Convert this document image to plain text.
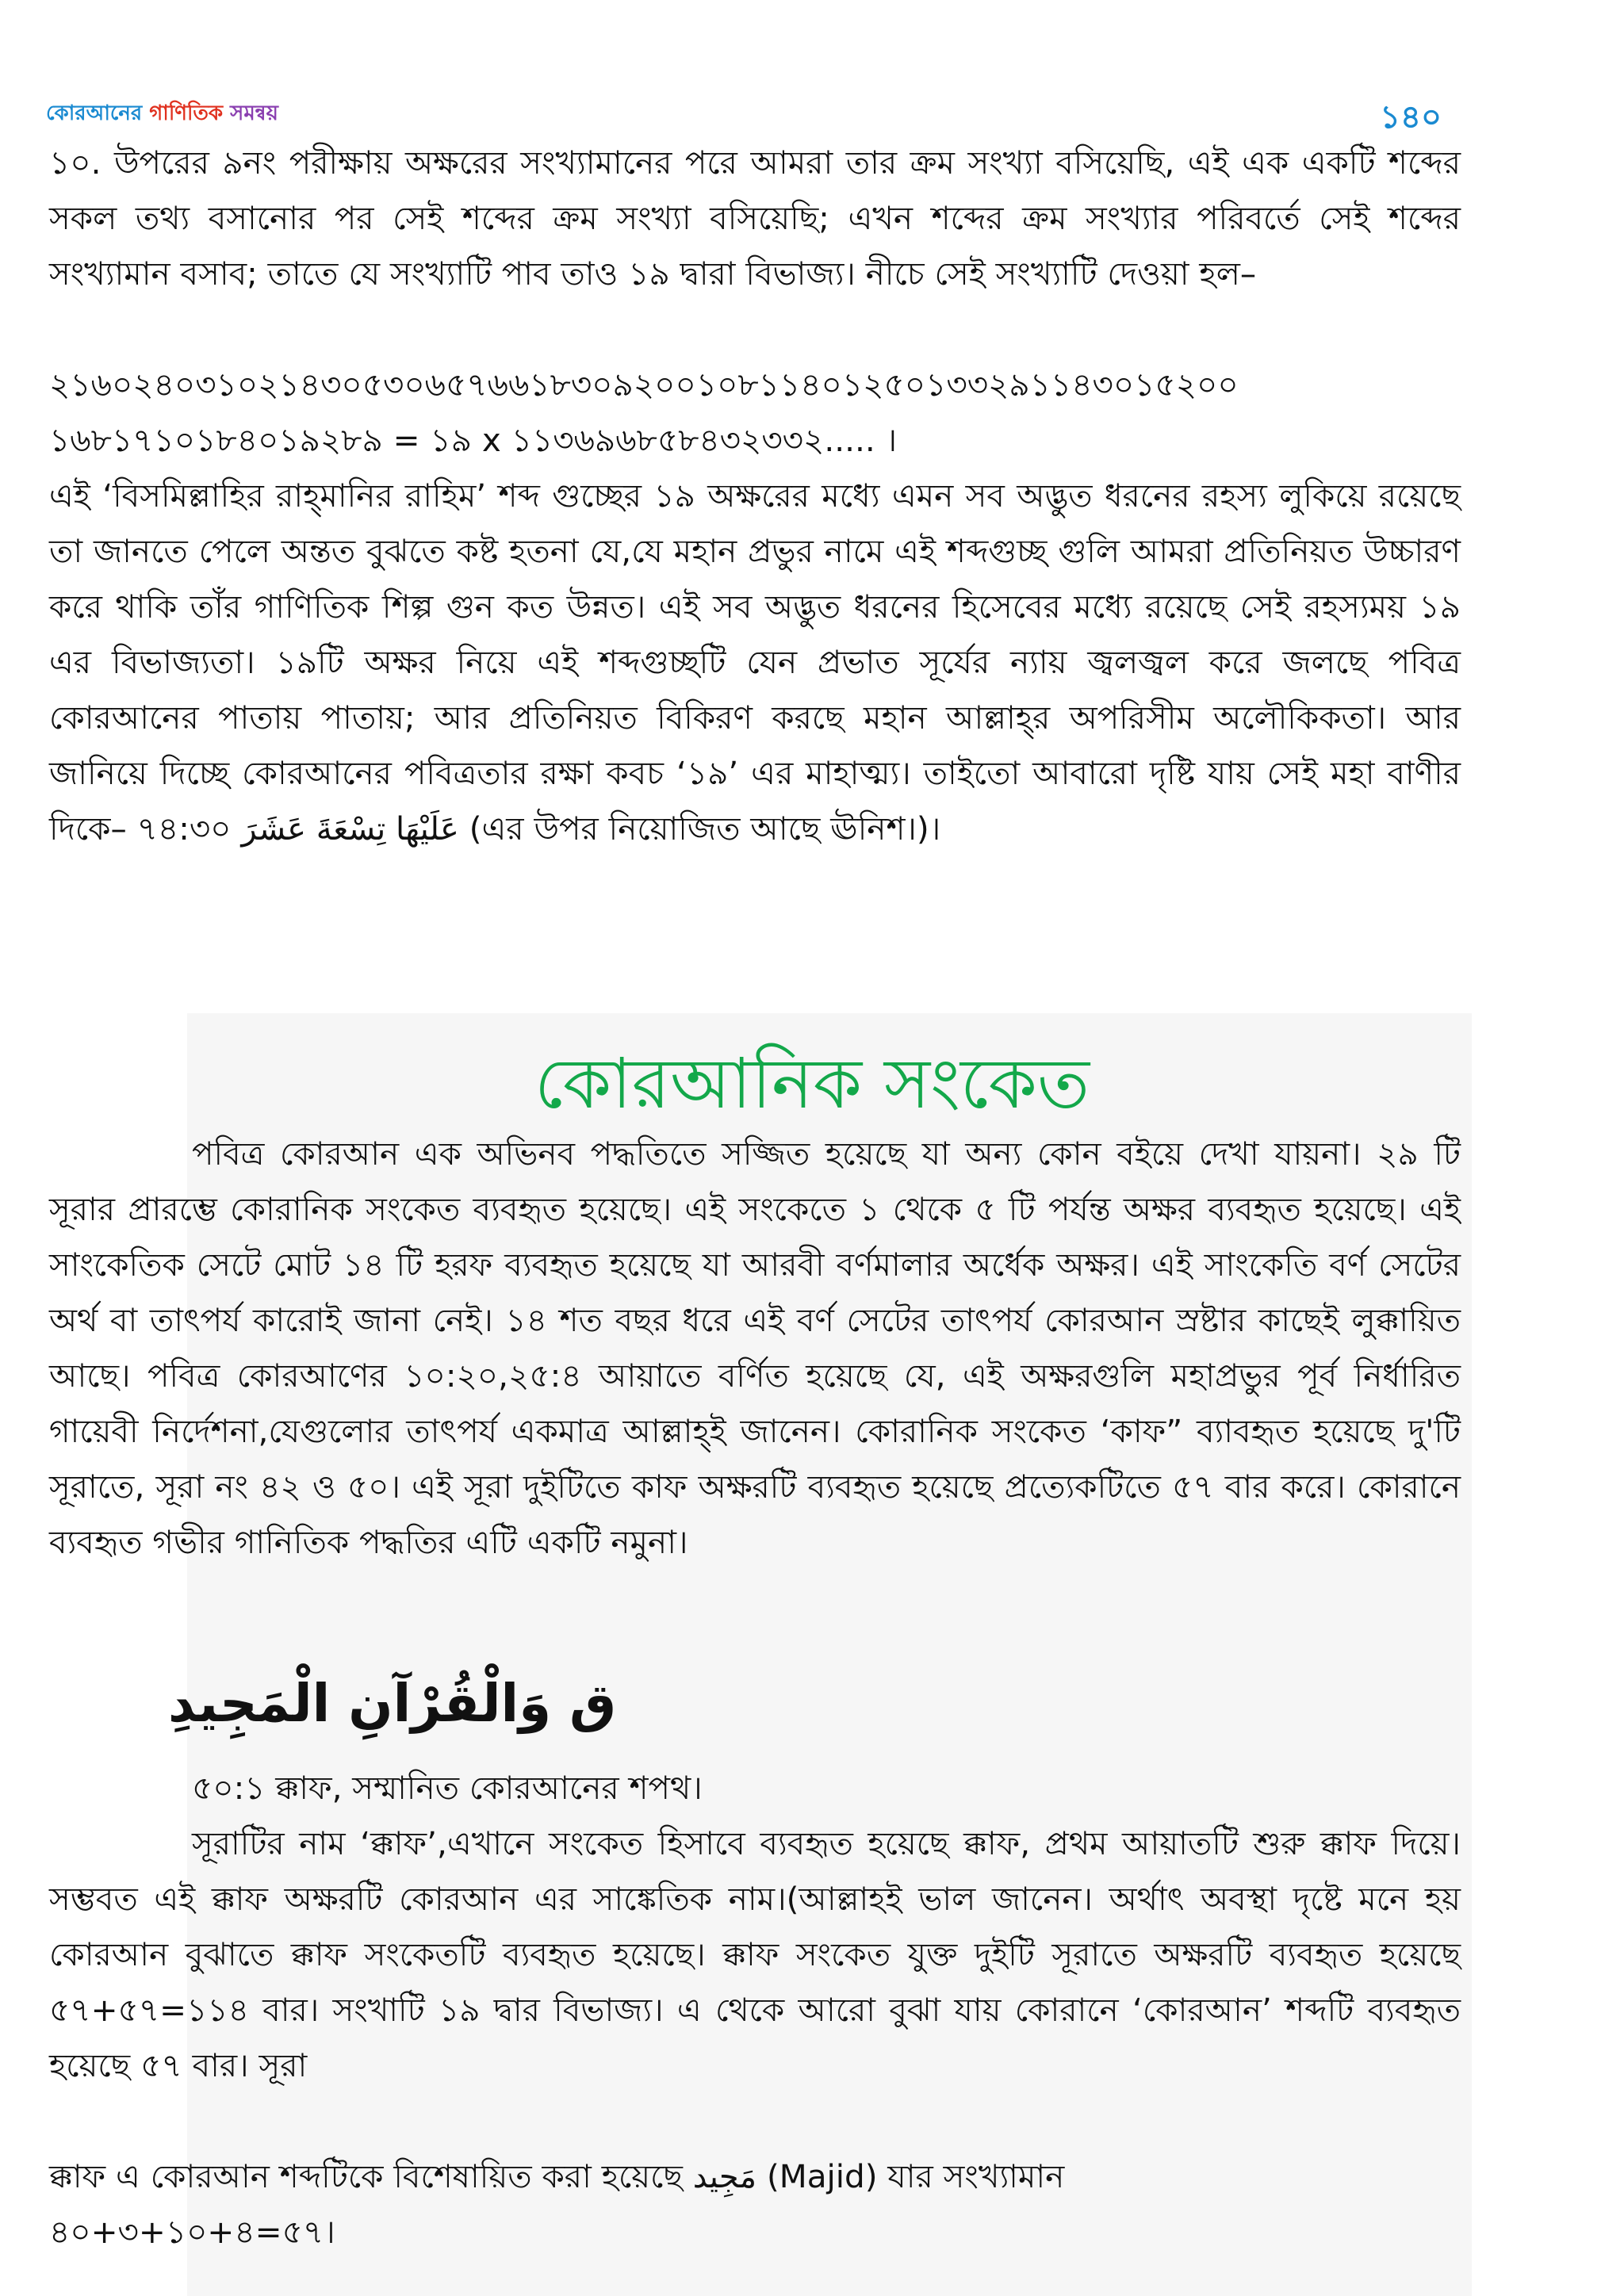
কোরআনের গাণিতিক সমন্বয়	১৪০

১০. উপরের ৯নং পরীক্ষায় অক্ষরের সংখ্যামানের পরে আমরা তার ক্রম সংখ্যা বসিয়েছি, এই এক একটি শব্দের সকল তথ্য বসানোর পর সেই শব্দের ক্রম সংখ্যা বসিয়েছি; এখন শব্দের ক্রম সংখ্যার পরিবর্তে সেই শব্দের সংখ্যামান বসাব; তাতে যে সংখ্যাটি পাব তাও ১৯ দ্বারা বিভাজ্য। নীচে সেই সংখ্যাটি দেওয়া হল–

২১৬০২৪০৩১০২১৪৩০৫৩০৬৫৭৬৬১৮৩০৯২০০১০৮১১৪০১২৫০১৩৩২৯১১৪৩০১৫২০০
১৬৮১৭১০১৮৪০১৯২৮৯ = ১৯ x ১১৩৬৯৬৮৫৮৪৩২৩৩২..... ।

এই ‘বিসমিল্লাহির রাহ্‌মানির রাহিম’ শব্দ গুচ্ছের ১৯ অক্ষরের মধ্যে এমন সব অদ্ভুত ধরনের রহস্য লুকিয়ে রয়েছে তা জানতে পেলে অন্তত বুঝতে কষ্ট হতনা যে,যে মহান প্রভুর নামে এই শব্দগুচ্ছ গুলি আমরা প্রতিনিয়ত উচ্চারণ করে থাকি তাঁর গাণিতিক শিল্প গুন কত উন্নত। এই সব অদ্ভুত ধরনের হিসেবের মধ্যে রয়েছে সেই রহস্যময় ১৯ এর বিভাজ্যতা। ১৯টি অক্ষর নিয়ে এই শব্দগুচ্ছটি যেন প্রভাত সূর্যের ন্যায় জ্বলজ্বল করে জলছে পবিত্র কোরআনের পাতায় পাতায়; আর প্রতিনিয়ত বিকিরণ করছে মহান আল্লাহ্‌র অপরিসীম অলৌকিকতা। আর জানিয়ে দিচ্ছে কোরআনের পবিত্রতার রক্ষা কবচ ‘১৯’ এর মাহাত্ম্য। তাইতো আবারো দৃষ্টি যায় সেই মহা বাণীর দিকে– ৭৪:৩০ عَلَيْهَا تِسْعَةَ عَشَرَ (এর উপর নিয়োজিত আছে ঊনিশ।)।

কোরআনিক সংকেত

পবিত্র কোরআন এক অভিনব পদ্ধতিতে সজ্জিত হয়েছে যা অন্য কোন বইয়ে দেখা যায়না। ২৯ টি সূরার প্রারম্ভে কোরানিক সংকেত ব্যবহৃত হয়েছে। এই সংকেতে ১ থেকে ৫ টি পর্যন্ত অক্ষর ব্যবহৃত হয়েছে। এই সাংকেতিক সেটে মোট ১৪ টি হরফ ব্যবহৃত হয়েছে যা আরবী বর্ণমালার অর্ধেক অক্ষর। এই সাংকেতি বর্ণ সেটের অর্থ বা তাৎপর্য কারোই জানা নেই। ১৪ শত বছর ধরে এই বর্ণ সেটের তাৎপর্য কোরআন স্রষ্টার কাছেই লুক্কায়িত আছে। পবিত্র কোরআণের ১০:২০,২৫:৪ আয়াতে বর্ণিত হয়েছে যে, এই অক্ষরগুলি মহাপ্রভুর পূর্ব নির্ধারিত গায়েবী নির্দেশনা,যেগুলোর তাৎপর্য একমাত্র আল্লাহ্‌ই জানেন। কোরানিক সংকেত ‘কাফ” ব্যাবহৃত হয়েছে দু'টি সূরাতে, সূরা নং ৪২ ও ৫০। এই সূরা দুইটিতে কাফ অক্ষরটি ব্যবহৃত হয়েছে প্রত্যেকটিতে ৫৭ বার করে। কোরানে ব্যবহৃত গভীর গানিতিক পদ্ধতির এটি একটি নমুনা।

ق وَالْقُرْآنِ الْمَجِيدِ

৫০:১ ক্কাফ, সম্মানিত কোরআনের শপথ।

সূরাটির নাম ‘ক্কাফ’,এখানে সংকেত হিসাবে ব্যবহৃত হয়েছে ক্কাফ, প্রথম আয়াতটি শুরু ক্কাফ দিয়ে। সম্ভবত এই ক্কাফ অক্ষরটি কোরআন এর সাঙ্কেতিক নাম।(আল্লাহই ভাল জানেন। অর্থাৎ অবস্থা দৃষ্টে মনে হয় কোরআন বুঝাতে ক্কাফ সংকেতটি ব্যবহৃত হয়েছে। ক্কাফ সংকেত যুক্ত দুইটি সূরাতে অক্ষরটি ব্যবহৃত হয়েছে ৫৭+৫৭=১১৪ বার। সংখাটি ১৯ দ্বার বিভাজ্য। এ থেকে আরো বুঝা যায় কোরানে ‘কোরআন’ শব্দটি ব্যবহৃত হয়েছে ৫৭ বার। সূরা

ক্কাফ এ কোরআন শব্দটিকে বিশেষায়িত করা হয়েছে مَجِيد (Majid) যার সংখ্যামান

৪০+৩+১০+৪=৫৭।
